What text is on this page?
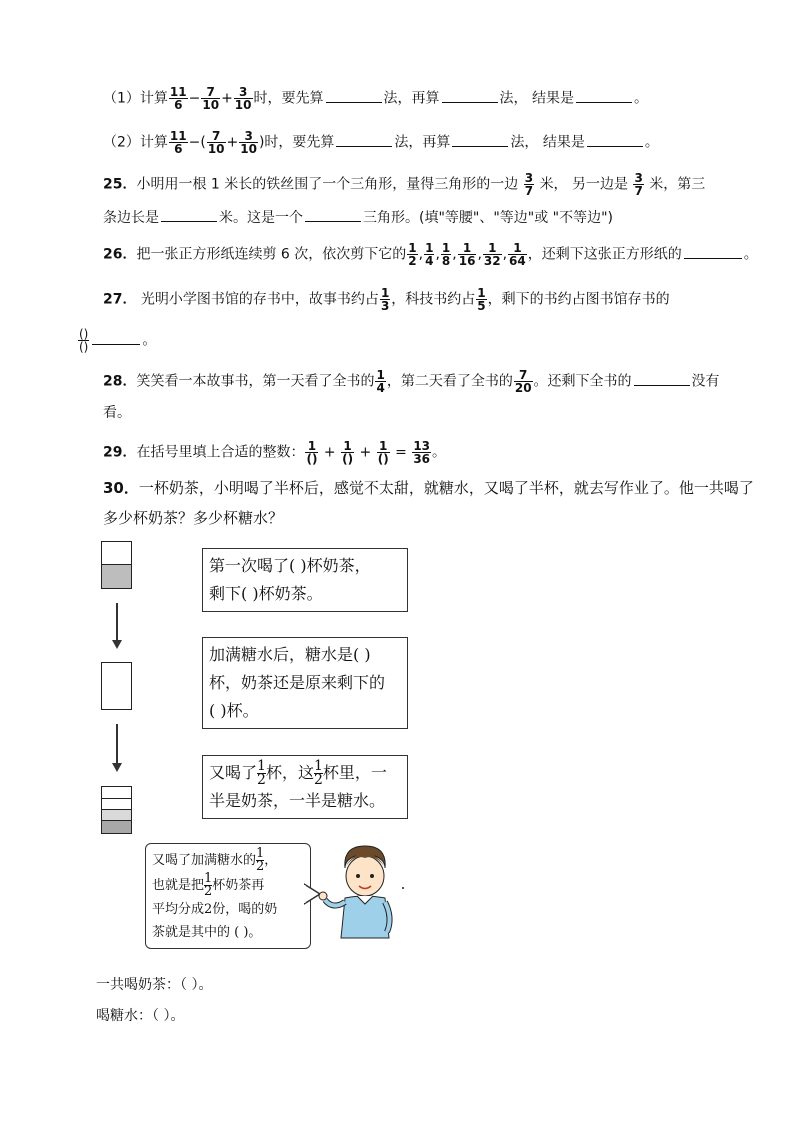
（1）计算 $\frac{11}{6} - \frac{7}{10} + \frac{3}{10}$ 时，要先算	法，再算	法， 结果是	。
（2）计算 $\frac{11}{6}$ −( $\frac{7}{10} + \frac{3}{10}$ )时，要先算	法，再算	法， 结果是	。
25．小明用一根 1 米长的铁丝围了一个三角形，量得三角形的一边 $\frac{3}{7}$ 米， 另一边是 $\frac{3}{7}$ 米，第三
条边长是	米。这是一个	三角形。(填"等腰"、"等边"或 "不等边")
26．把一张正方形纸连续剪 6 次，依次剪下它的 $\frac{1}{2}$ , $\frac{1}{4}$ , $\frac{1}{8}$ , $\frac{1}{16}$ , $\frac{1}{32}$ , $\frac{1}{64}$ ，还剩下这张正方形纸的	。
27． 光明小学图书馆的存书中，故事书约占 $\frac{1}{3}$ ，科技书约占 $\frac{1}{5}$ ，剩下的书约占图书馆存书的
$\frac{()}{()}$	。
28．笑笑看一本故事书，第一天看了全书的 $\frac{1}{4}$ ，第二天看了全书的 $\frac{7}{20}$ 。还剩下全书的	没有
看。
29．在括号里填上合适的整数： $\frac{1}{()} + \frac{1}{()} + \frac{1}{()} = \frac{13}{36}$ 。
30．一杯奶茶，小明喝了半杯后，感觉不太甜，就糖水，又喝了半杯，就去写作业了。他一共喝了
多少杯奶茶？多少杯糖水？
第一次喝了( )杯奶茶，
剩下( )杯奶茶。
加满糖水后，糖水是( )
杯，奶茶还是原来剩下的
( )杯。
又喝了 $\frac{1}{2}$ 杯，这 $\frac{1}{2}$ 杯里，一
半是奶茶，一半是糖水。
又喝了加满糖水的 $\frac{1}{2}$ ，
也就是把 $\frac{1}{2}$ 杯奶茶再
平均分成2份，喝的奶
茶就是其中的 ( )。
一共喝奶茶：（ ）。
喝糖水：（ ）。
